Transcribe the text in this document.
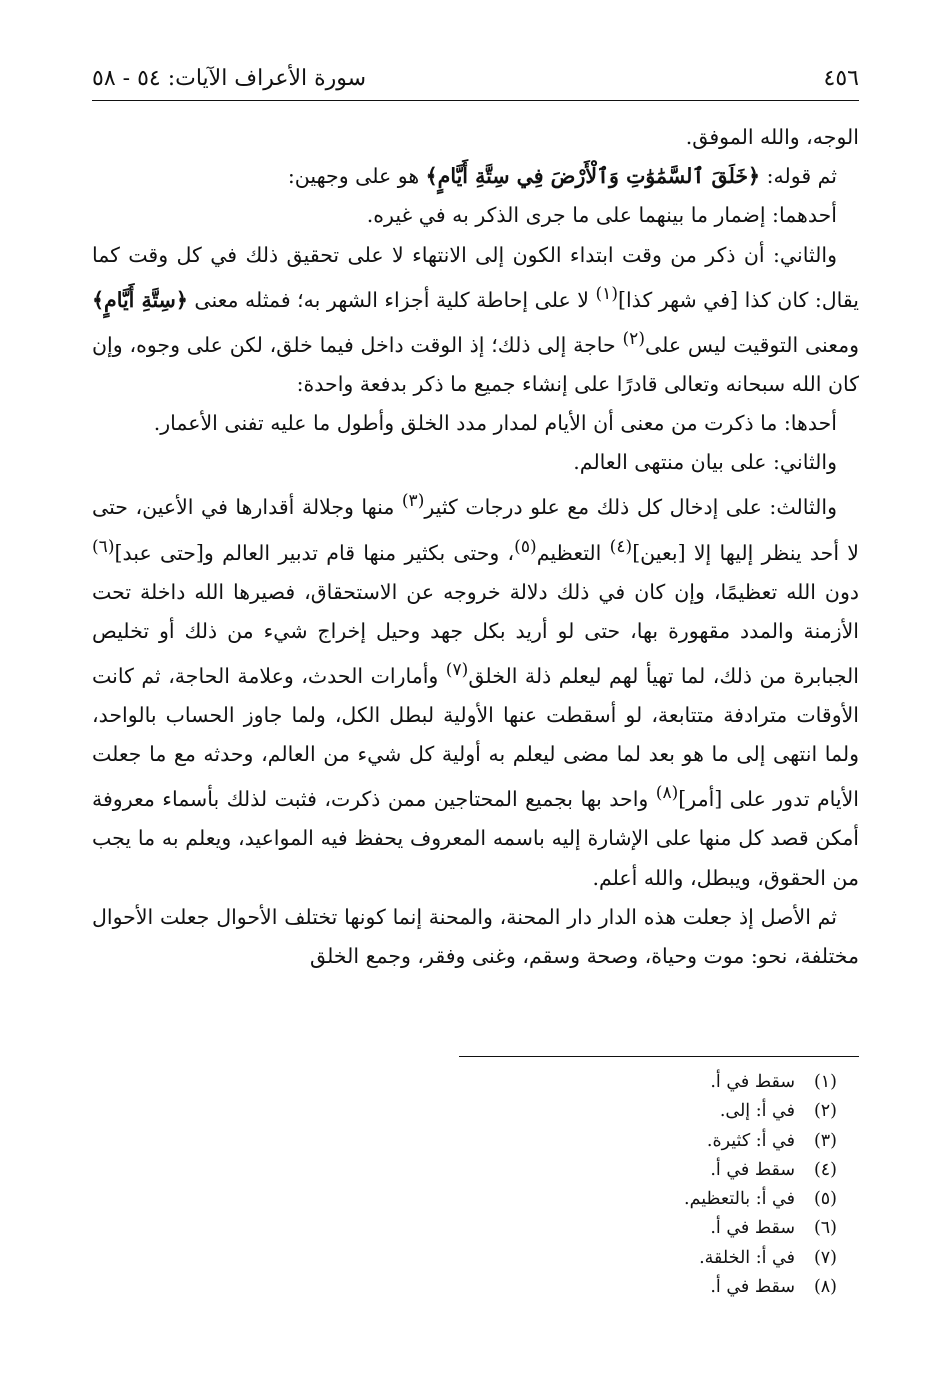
٤٥٦
سورة الأعراف الآيات: ٥٤ - ٥٨

الوجه، والله الموفق.

ثم قوله: ﴿خَلَقَ ٱلسَّمَٰوَٰتِ وَٱلْأَرْضَ فِي سِتَّةِ أَيَّامٍ﴾ هو على وجهين:

أحدهما: إضمار ما بينهما على ما جرى الذكر به في غيره.

والثاني: أن ذكر من وقت ابتداء الكون إلى الانتهاء لا على تحقيق ذلك في كل وقت كما يقال: كان كذا [في شهر كذا]$^{(١)}$ لا على إحاطة كلية أجزاء الشهر به؛ فمثله معنى ﴿سِتَّةِ أَيَّامٍ﴾ ومعنى التوقيت ليس على$^{(٢)}$ حاجة إلى ذلك؛ إذ الوقت داخل فيما خلق، لكن على وجوه، وإن كان الله سبحانه وتعالى قادرًا على إنشاء جميع ما ذكر بدفعة واحدة:

أحدها: ما ذكرت من معنى أن الأيام لمدار مدد الخلق وأطول ما عليه تفنى الأعمار.

والثاني: على بيان منتهى العالم.

والثالث: على إدخال كل ذلك مع علو درجات كثير$^{(٣)}$ منها وجلالة أقدارها في الأعين، حتى لا أحد ينظر إليها إلا [بعين]$^{(٤)}$ التعظيم$^{(٥)}$، وحتى بكثير منها قام تدبير العالم و[حتى عبد]$^{(٦)}$ دون الله تعظيمًا، وإن كان في ذلك دلالة خروجه عن الاستحقاق، فصيرها الله داخلة تحت الأزمنة والمدد مقهورة بها، حتى لو أريد بكل جهد وحيل إخراج شيء من ذلك أو تخليص الجبابرة من ذلك، لما تهيأ لهم ليعلم ذلة الخلق$^{(٧)}$ وأمارات الحدث، وعلامة الحاجة، ثم كانت الأوقات مترادفة متتابعة، لو أسقطت عنها الأولية لبطل الكل، ولما جاوز الحساب بالواحد، ولما انتهى إلى ما هو بعد لما مضى ليعلم به أولية كل شيء من العالم، وحدثه مع ما جعلت الأيام تدور على [أمر]$^{(٨)}$ واحد بها بجميع المحتاجين ممن ذكرت، فثبت لذلك بأسماء معروفة أمكن قصد كل منها على الإشارة إليه باسمه المعروف يحفظ فيه المواعيد، ويعلم به ما يجب من الحقوق، ويبطل، والله أعلم.

ثم الأصل إذ جعلت هذه الدار دار المحنة، والمحنة إنما كونها تختلف الأحوال جعلت الأحوال مختلفة، نحو: موت وحياة، وصحة وسقم، وغنى وفقر، وجمع الخلق

(١)
سقط في أ.
(٢)
في أ: إلى.
(٣)
في أ: كثيرة.
(٤)
سقط في أ.
(٥)
في أ: بالتعظيم.
(٦)
سقط في أ.
(٧)
في أ: الخلقة.
(٨)
سقط في أ.
